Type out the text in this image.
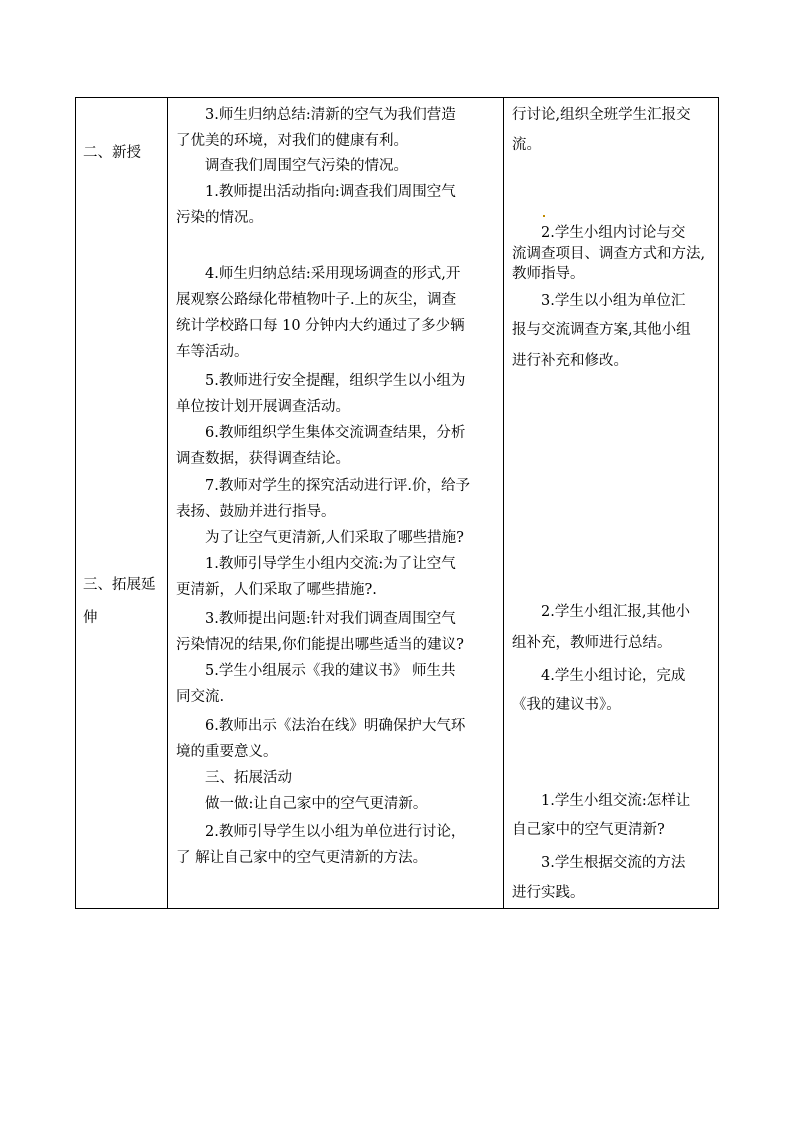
二、新授
三、拓展延
伸
3.师生归纳总结:清新的空气为我们营造
了优美的环境，对我们的健康有利。
调查我们周围空气污染的情况。
1.教师提出活动指向:调查我们周围空气
污染的情况。
4.师生归纳总结:采用现场调查的形式,开
展观察公路绿化带植物叶子.上的灰尘，调查
统计学校路口每 10 分钟内大约通过了多少辆
车等活动。
5.教师进行安全提醒，组织学生以小组为
单位按计划开展调查活动。
6.教师组织学生集体交流调查结果，分析
调查数据，获得调查结论。
7.教师对学生的探究活动进行评.价，给予
表扬、鼓励并进行指导。
为了让空气更清新,人们采取了哪些措施?
1.教师引导学生小组内交流:为了让空气
更清新，人们采取了哪些措施?.
3.教师提出问题:针对我们调查周围空气
污染情况的结果,你们能提出哪些适当的建议?
5.学生小组展示《我的建议书》 师生共
同交流.
6.教师出示《法治在线》明确保护大气环
境的重要意义。
三、拓展活动
做一做:让自己家中的空气更清新。
2.教师引导学生以小组为单位进行讨论，
了 解让自己家中的空气更清新的方法。
行讨论,组织全班学生汇报交
流。
2.学生小组内讨论与交
流调查项目、调查方式和方法,
教师指导。
3.学生以小组为单位汇
报与交流调查方案,其他小组
进行补充和修改。
2.学生小组汇报,其他小
组补充，教师进行总结。
4.学生小组讨论，完成
《我的建议书》。
1.学生小组交流:怎样让
自己家中的空气更清新?
3.学生根据交流的方法
进行实践。
